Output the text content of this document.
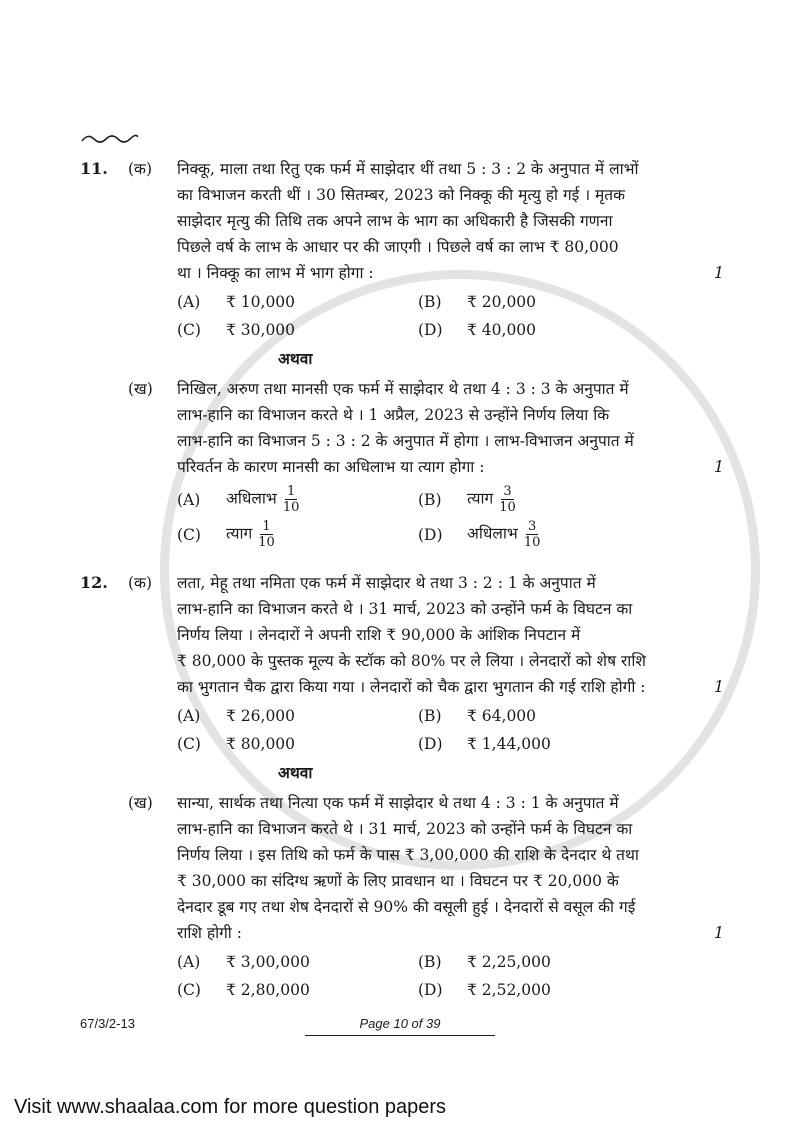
11.	(क)	निक्कू, माला तथा रितु एक फर्म में साझेदार थीं तथा 5 : 3 : 2 के अनुपात में लाभों
का विभाजन करती थीं । 30 सितम्बर, 2023 को निक्कू की मृत्यु हो गई । मृतक
साझेदार मृत्यु की तिथि तक अपने लाभ के भाग का अधिकारी है जिसकी गणना
पिछले वर्ष के लाभ के आधार पर की जाएगी । पिछले वर्ष का लाभ ₹ 80,000
था । निक्कू का लाभ में भाग होगा :	1
(A)	₹ 10,000	(B)	₹ 20,000
(C)	₹ 30,000	(D)	₹ 40,000
अथवा
(ख)	निखिल, अरुण तथा मानसी एक फर्म में साझेदार थे तथा 4 : 3 : 3 के अनुपात में
लाभ-हानि का विभाजन करते थे । 1 अप्रैल, 2023 से उन्होंने निर्णय लिया कि
लाभ-हानि का विभाजन 5 : 3 : 2 के अनुपात में होगा । लाभ-विभाजन अनुपात में
परिवर्तन के कारण मानसी का अधिलाभ या त्याग होगा :	1
(A)	अधिलाभ $\frac{1}{10}$	(B)	त्याग $\frac{3}{10}$
(C)	त्याग $\frac{1}{10}$	(D)	अधिलाभ $\frac{3}{10}$
12.	(क)	लता, मेहू तथा नमिता एक फर्म में साझेदार थे तथा 3 : 2 : 1 के अनुपात में
लाभ-हानि का विभाजन करते थे । 31 मार्च, 2023 को उन्होंने फर्म के विघटन का
निर्णय लिया । लेनदारों ने अपनी राशि ₹ 90,000 के आंशिक निपटान में
₹ 80,000 के पुस्तक मूल्य के स्टॉक को 80% पर ले लिया । लेनदारों को शेष राशि
का भुगतान चैक द्वारा किया गया । लेनदारों को चैक द्वारा भुगतान की गई राशि होगी :	1
(A)	₹ 26,000	(B)	₹ 64,000
(C)	₹ 80,000	(D)	₹ 1,44,000
अथवा
(ख)	सान्या, सार्थक तथा नित्या एक फर्म में साझेदार थे तथा 4 : 3 : 1 के अनुपात में
लाभ-हानि का विभाजन करते थे । 31 मार्च, 2023 को उन्होंने फर्म के विघटन का
निर्णय लिया । इस तिथि को फर्म के पास ₹ 3,00,000 की राशि के देनदार थे तथा
₹ 30,000 का संदिग्ध ऋणों के लिए प्रावधान था । विघटन पर ₹ 20,000 के
देनदार डूब गए तथा शेष देनदारों से 90% की वसूली हुई । देनदारों से वसूल की गई
राशि होगी :	1
(A)	₹ 3,00,000	(B)	₹ 2,25,000
(C)	₹ 2,80,000	(D)	₹ 2,52,000
67/3/2-13	Page 10 of 39
Visit www.shaalaa.com for more question papers
